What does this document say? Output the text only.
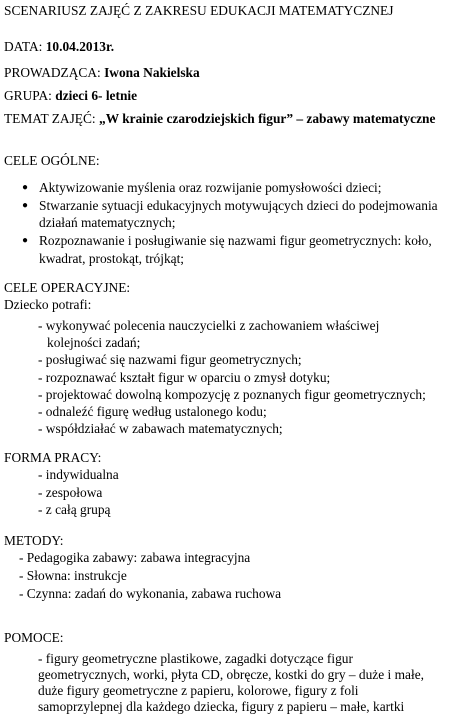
SCENARIUSZ ZAJĘĆ Z ZAKRESU EDUKACJI MATEMATYCZNEJ
DATA: 10.04.2013r.
PROWADZĄCA: Iwona Nakielska
GRUPA: dzieci 6- letnie
TEMAT ZAJĘĆ: „W krainie czarodziejskich figur” – zabawy matematyczne
CELE OGÓLNE:
● Aktywizowanie myślenia oraz rozwijanie pomysłowości dzieci;
● Stwarzanie sytuacji edukacyjnych motywujących dzieci do podejmowania
działań matematycznych;
● Rozpoznawanie i posługiwanie się nazwami figur geometrycznych: koło,
kwadrat, prostokąt, trójkąt;
CELE OPERACYJNE:
Dziecko potrafi:
- wykonywać polecenia nauczycielki z zachowaniem właściwej
kolejności zadań;
- posługiwać się nazwami figur geometrycznych;
- rozpoznawać kształt figur w oparciu o zmysł dotyku;
- projektować dowolną kompozycję z poznanych figur geometrycznych;
- odnaleźć figurę według ustalonego kodu;
- współdziałać w zabawach matematycznych;
FORMA PRACY:
- indywidualna
- zespołowa
- z całą grupą
METODY:
- Pedagogika zabawy: zabawa integracyjna
- Słowna: instrukcje
- Czynna: zadań do wykonania, zabawa ruchowa
POMOCE:
- figury geometryczne plastikowe, zagadki dotyczące figur
geometrycznych, worki, płyta CD, obręcze, kostki do gry – duże i małe,
duże figury geometryczne z papieru, kolorowe, figury z foli
samoprzylepnej dla każdego dziecka, figury z papieru – małe, kartki
